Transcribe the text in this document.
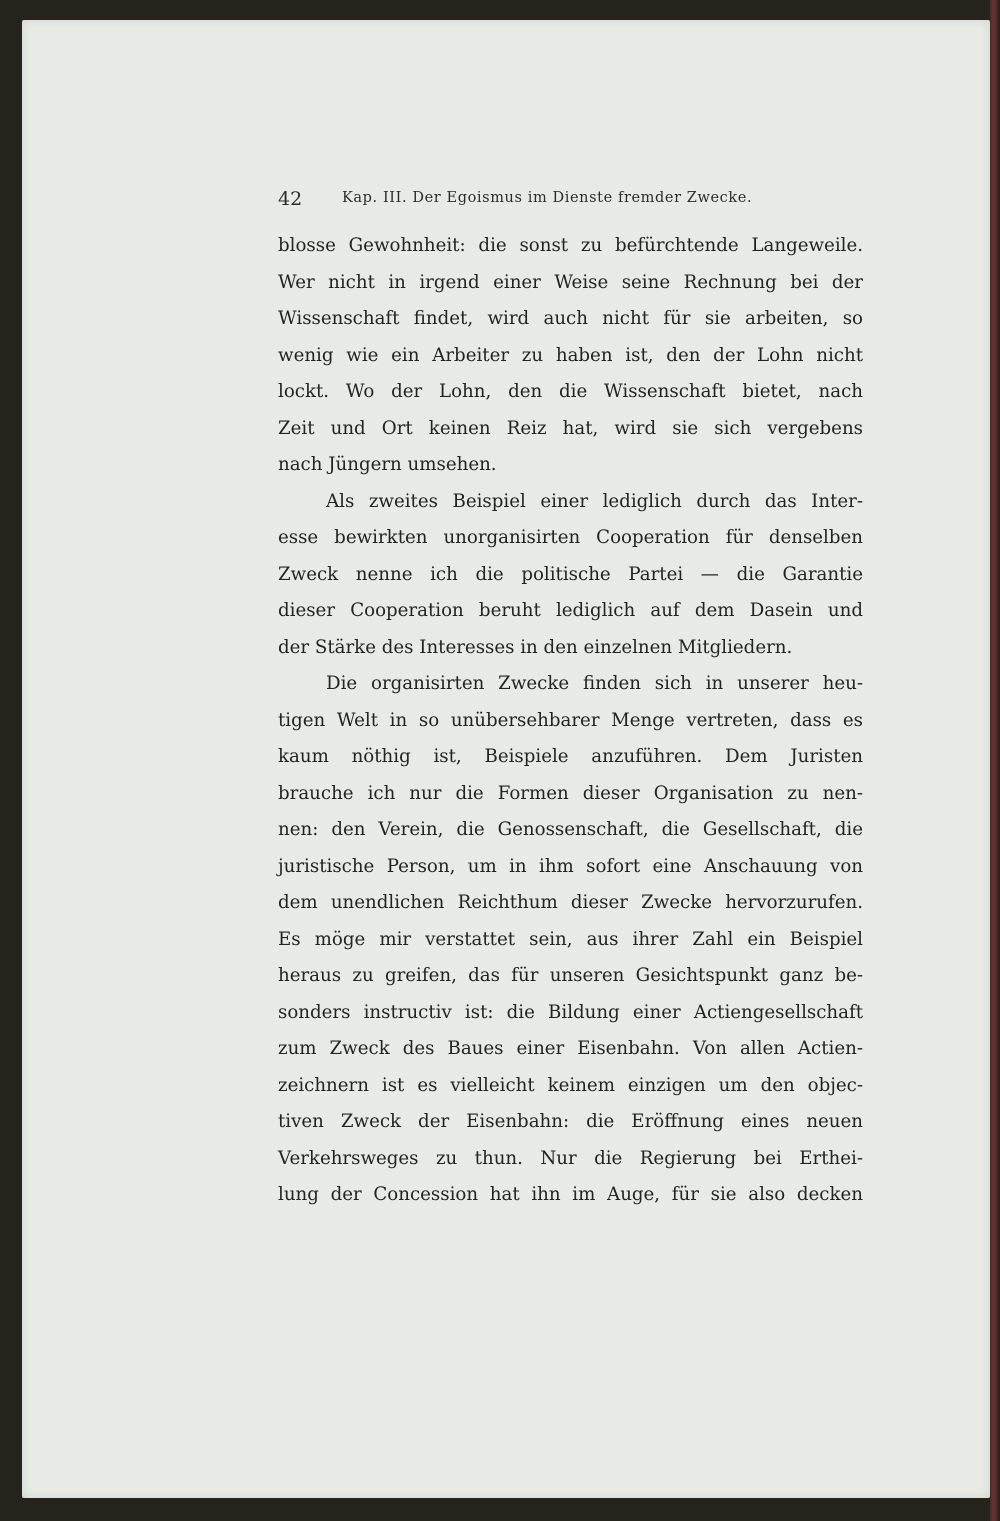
42	Kap. III. Der Egoismus im Dienste fremder Zwecke.
blosse Gewohnheit: die sonst zu befürchtende Langeweile.
Wer nicht in irgend einer Weise seine Rechnung bei der
Wissenschaft findet, wird auch nicht für sie arbeiten, so
wenig wie ein Arbeiter zu haben ist, den der Lohn nicht
lockt. Wo der Lohn, den die Wissenschaft bietet, nach
Zeit und Ort keinen Reiz hat, wird sie sich vergebens
nach Jüngern umsehen.
Als zweites Beispiel einer lediglich durch das Inter-
esse bewirkten unorganisirten Cooperation für denselben
Zweck nenne ich die politische Partei — die Garantie
dieser Cooperation beruht lediglich auf dem Dasein und
der Stärke des Interesses in den einzelnen Mitgliedern.
Die organisirten Zwecke finden sich in unserer heu-
tigen Welt in so unübersehbarer Menge vertreten, dass es
kaum nöthig ist, Beispiele anzuführen. Dem Juristen
brauche ich nur die Formen dieser Organisation zu nen-
nen: den Verein, die Genossenschaft, die Gesellschaft, die
juristische Person, um in ihm sofort eine Anschauung von
dem unendlichen Reichthum dieser Zwecke hervorzurufen.
Es möge mir verstattet sein, aus ihrer Zahl ein Beispiel
heraus zu greifen, das für unseren Gesichtspunkt ganz be-
sonders instructiv ist: die Bildung einer Actiengesellschaft
zum Zweck des Baues einer Eisenbahn. Von allen Actien-
zeichnern ist es vielleicht keinem einzigen um den objec-
tiven Zweck der Eisenbahn: die Eröffnung eines neuen
Verkehrsweges zu thun. Nur die Regierung bei Erthei-
lung der Concession hat ihn im Auge, für sie also decken
